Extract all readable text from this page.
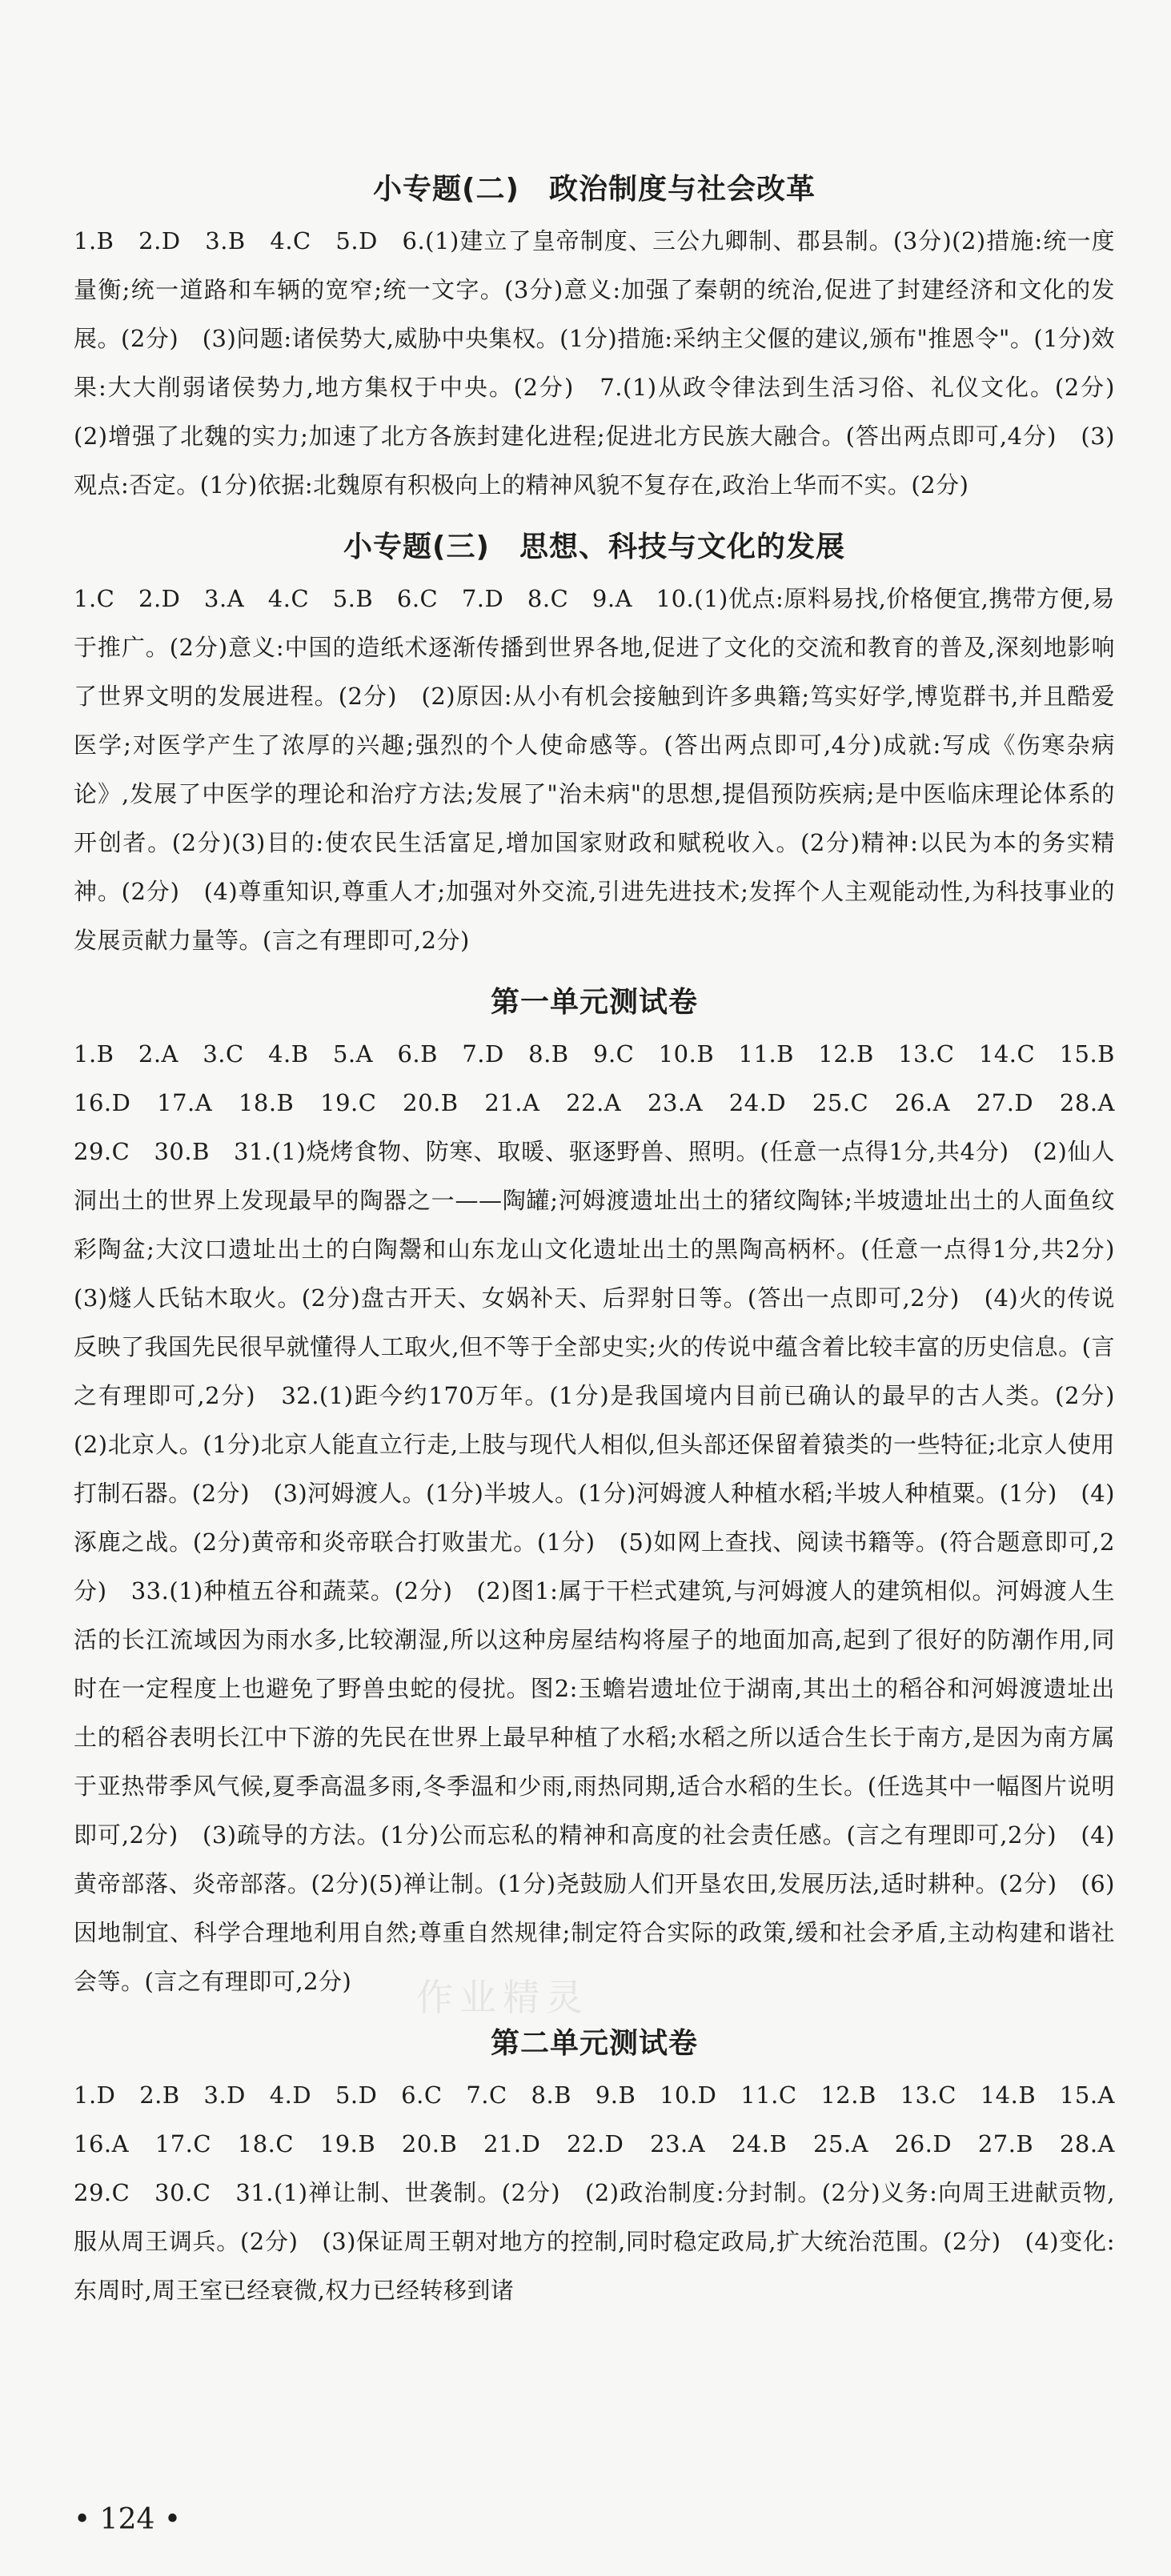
小专题(二)　政治制度与社会改革

1.B　2.D　3.B　4.C　5.D　6.(1)建立了皇帝制度、三公九卿制、郡县制。(3分)(2)措施:统一度量衡;统一道路和车辆的宽窄;统一文字。(3分)意义:加强了秦朝的统治,促进了封建经济和文化的发展。(2分)　(3)问题:诸侯势大,威胁中央集权。(1分)措施:采纳主父偃的建议,颁布"推恩令"。(1分)效果:大大削弱诸侯势力,地方集权于中央。(2分)　7.(1)从政令律法到生活习俗、礼仪文化。(2分)　(2)增强了北魏的实力;加速了北方各族封建化进程;促进北方民族大融合。(答出两点即可,4分)　(3)观点:否定。(1分)依据:北魏原有积极向上的精神风貌不复存在,政治上华而不实。(2分)

小专题(三)　思想、科技与文化的发展

1.C　2.D　3.A　4.C　5.B　6.C　7.D　8.C　9.A　10.(1)优点:原料易找,价格便宜,携带方便,易于推广。(2分)意义:中国的造纸术逐渐传播到世界各地,促进了文化的交流和教育的普及,深刻地影响了世界文明的发展进程。(2分)　(2)原因:从小有机会接触到许多典籍;笃实好学,博览群书,并且酷爱医学;对医学产生了浓厚的兴趣;强烈的个人使命感等。(答出两点即可,4分)成就:写成《伤寒杂病论》,发展了中医学的理论和治疗方法;发展了"治未病"的思想,提倡预防疾病;是中医临床理论体系的开创者。(2分)(3)目的:使农民生活富足,增加国家财政和赋税收入。(2分)精神:以民为本的务实精神。(2分)　(4)尊重知识,尊重人才;加强对外交流,引进先进技术;发挥个人主观能动性,为科技事业的发展贡献力量等。(言之有理即可,2分)

第一单元测试卷

1.B　2.A　3.C　4.B　5.A　6.B　7.D　8.B　9.C　10.B　11.B　12.B　13.C　14.C　15.B　16.D　17.A　18.B　19.C　20.B　21.A　22.A　23.A　24.D　25.C　26.A　27.D　28.A　29.C　30.B　31.(1)烧烤食物、防寒、取暖、驱逐野兽、照明。(任意一点得1分,共4分)　(2)仙人洞出土的世界上发现最早的陶器之一——陶罐;河姆渡遗址出土的猪纹陶钵;半坡遗址出土的人面鱼纹彩陶盆;大汶口遗址出土的白陶鬶和山东龙山文化遗址出土的黑陶高柄杯。(任意一点得1分,共2分)　(3)燧人氏钻木取火。(2分)盘古开天、女娲补天、后羿射日等。(答出一点即可,2分)　(4)火的传说反映了我国先民很早就懂得人工取火,但不等于全部史实;火的传说中蕴含着比较丰富的历史信息。(言之有理即可,2分)　32.(1)距今约170万年。(1分)是我国境内目前已确认的最早的古人类。(2分)　(2)北京人。(1分)北京人能直立行走,上肢与现代人相似,但头部还保留着猿类的一些特征;北京人使用打制石器。(2分)　(3)河姆渡人。(1分)半坡人。(1分)河姆渡人种植水稻;半坡人种植粟。(1分)　(4)涿鹿之战。(2分)黄帝和炎帝联合打败蚩尤。(1分)　(5)如网上查找、阅读书籍等。(符合题意即可,2分)　33.(1)种植五谷和蔬菜。(2分)　(2)图1:属于干栏式建筑,与河姆渡人的建筑相似。河姆渡人生活的长江流域因为雨水多,比较潮湿,所以这种房屋结构将屋子的地面加高,起到了很好的防潮作用,同时在一定程度上也避免了野兽虫蛇的侵扰。图2:玉蟾岩遗址位于湖南,其出土的稻谷和河姆渡遗址出土的稻谷表明长江中下游的先民在世界上最早种植了水稻;水稻之所以适合生长于南方,是因为南方属于亚热带季风气候,夏季高温多雨,冬季温和少雨,雨热同期,适合水稻的生长。(任选其中一幅图片说明即可,2分)　(3)疏导的方法。(1分)公而忘私的精神和高度的社会责任感。(言之有理即可,2分)　(4)黄帝部落、炎帝部落。(2分)(5)禅让制。(1分)尧鼓励人们开垦农田,发展历法,适时耕种。(2分)　(6)因地制宜、科学合理地利用自然;尊重自然规律;制定符合实际的政策,缓和社会矛盾,主动构建和谐社会等。(言之有理即可,2分)

第二单元测试卷

1.D　2.B　3.D　4.D　5.D　6.C　7.C　8.B　9.B　10.D　11.C　12.B　13.C　14.B　15.A　16.A　17.C　18.C　19.B　20.B　21.D　22.D　23.A　24.B　25.A　26.D　27.B　28.A　29.C　30.C　31.(1)禅让制、世袭制。(2分)　(2)政治制度:分封制。(2分)义务:向周王进献贡物,服从周王调兵。(2分)　(3)保证周王朝对地方的控制,同时稳定政局,扩大统治范围。(2分)　(4)变化:东周时,周王室已经衰微,权力已经转移到诸

作业精灵
• 124 •
